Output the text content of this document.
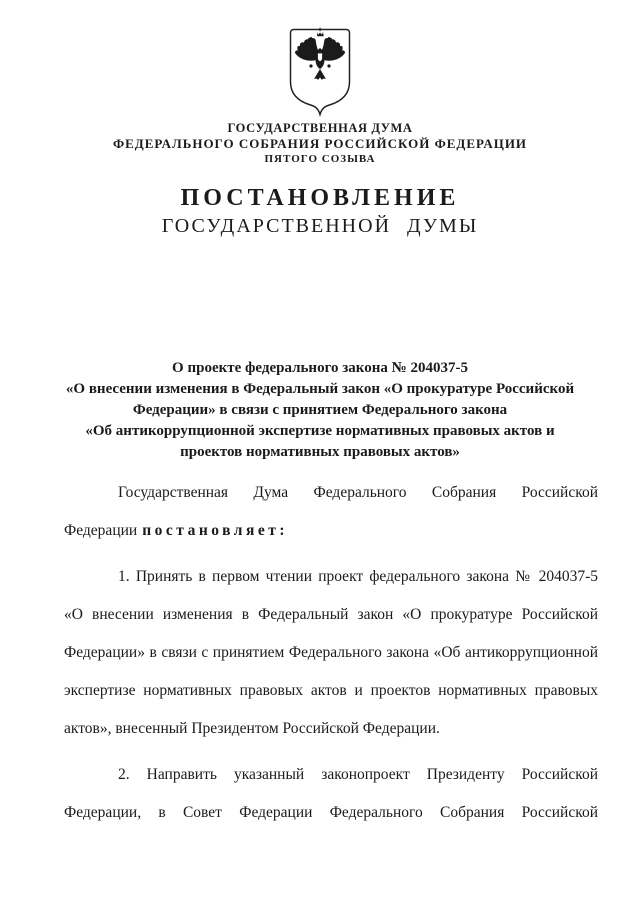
ГОСУДАРСТВЕННАЯ ДУМА
ФЕДЕРАЛЬНОГО СОБРАНИЯ РОССИЙСКОЙ ФЕДЕРАЦИИ
ПЯТОГО СОЗЫВА
ПОСТАНОВЛЕНИЕ
ГОСУДАРСТВЕННОЙ ДУМЫ
О проекте федерального закона № 204037-5
«О внесении изменения в Федеральный закон «О прокуратуре Российской
Федерации» в связи с принятием Федерального закона
«Об антикоррупционной экспертизе нормативных правовых актов и
проектов нормативных правовых актов»
Государственная Дума Федерального Собрания Российской
Федерации постановляет:
1. Принять в первом чтении проект федерального закона № 204037-5
«О внесении изменения в Федеральный закон «О прокуратуре Российской
Федерации» в связи с принятием Федерального закона «Об антикоррупционной
экспертизе нормативных правовых актов и проектов нормативных правовых
актов», внесенный Президентом Российской Федерации.
2. Направить указанный законопроект Президенту Российской
Федерации, в Совет Федерации Федерального Собрания Российской
